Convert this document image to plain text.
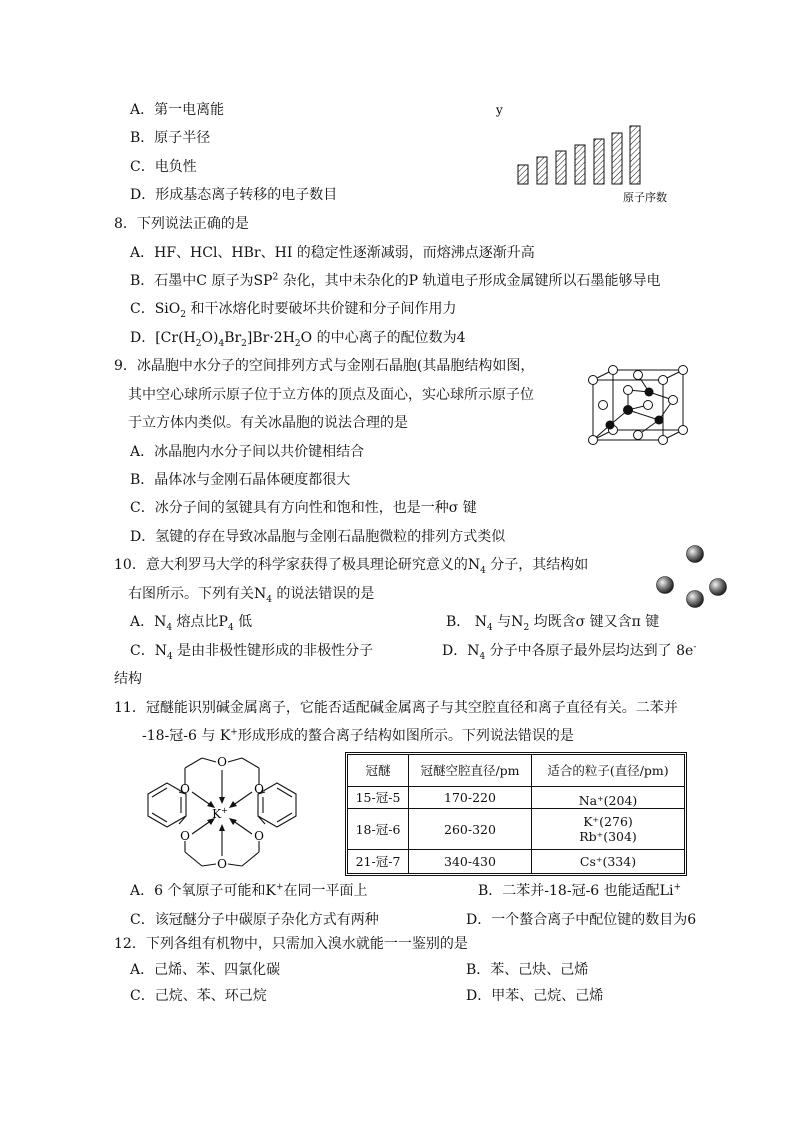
A．第一电离能
B．原子半径
C．电负性
D．形成基态离子转移的电子数目
y
原子序数
8．下列说法正确的是
A．HF、HCl、HBr、HI 的稳定性逐渐减弱，而熔沸点逐渐升高
B．石墨中C 原子为$SP^2$ 杂化，其中未杂化的P 轨道电子形成金属键所以石墨能够导电
C．SiO$_2$ 和干冰熔化时要破坏共价键和分子间作用力
D．$[Cr(H_2O)_4Br_2]Br\cdot 2H_2O$ 的中心离子的配位数为4
9．冰晶胞中水分子的空间排列方式与金刚石晶胞(其晶胞结构如图，
其中空心球所示原子位于立方体的顶点及面心，实心球所示原子位
于立方体内类似。有关冰晶胞的说法合理的是
A．冰晶胞内水分子间以共价键相结合
B．晶体冰与金刚石晶体硬度都很大
C．冰分子间的氢键具有方向性和饱和性，也是一种σ 键
D．氢键的存在导致冰晶胞与金刚石晶胞微粒的排列方式类似
10．意大利罗马大学的科学家获得了极具理论研究意义的$N_4$ 分子，其结构如
右图所示。下列有关$N_4$ 的说法错误的是
A．$N_4$ 熔点比$P_4$ 低	B． $N_4$ 与$N_2$ 均既含σ 键又含π 键
C．$N_4$ 是由非极性键形成的非极性分子	D．$N_4$ 分子中各原子最外层均达到了 8e-
结构
11．冠醚能识别碱金属离子，它能否适配碱金属离子与其空腔直径和离子直径有关。二苯并
-18-冠-6 与 K+形成形成的螯合离子结构如图所示。下列说法错误的是
O
O
O
O
O
O
K+
冠醚	冠醚空腔直径/pm	适合的粒子(直径/pm)
15-冠-5	170-220	Na⁺(204)
18-冠-6	260-320	K⁺(276)
Rb⁺(304)

21-冠-7	340-430	Cs⁺(334)
A．6 个氧原子可能和K+在同一平面上	B．二苯并-18-冠-6 也能适配Li+
C．该冠醚分子中碳原子杂化方式有两种	D．一个螯合离子中配位键的数目为6
12．下列各组有机物中，只需加入溴水就能一一鉴别的是
A．己烯、苯、四氯化碳	B．苯、己炔、己烯
C．己烷、苯、环己烷	D．甲苯、己烷、己烯
